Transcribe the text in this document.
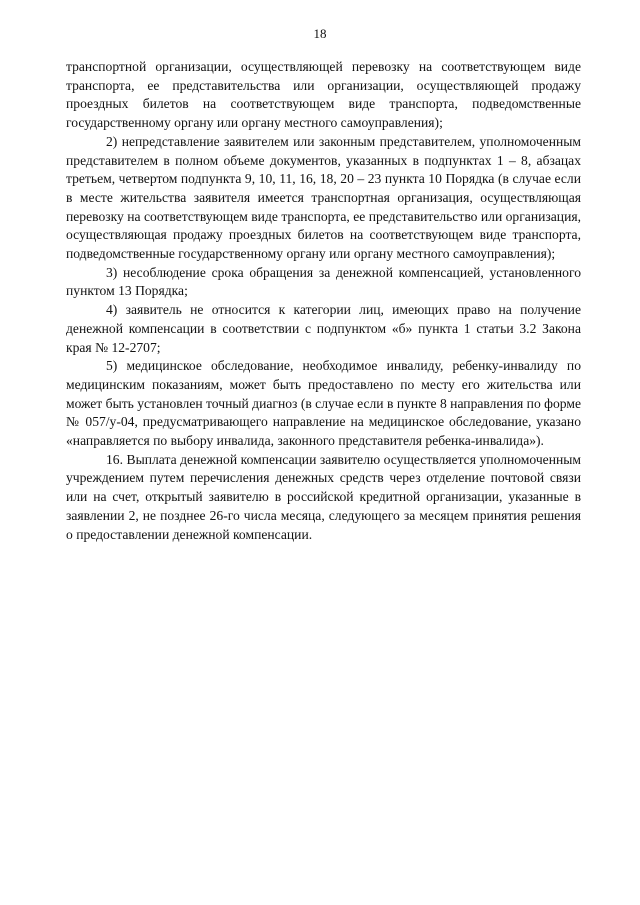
18

транспортной организации, осуществляющей перевозку на соответствующем виде транспорта, ее представительства или организации, осуществляющей продажу проездных билетов на соответствующем виде транспорта, подведомственные государственному органу или органу местного самоуправления);

2) непредставление заявителем или законным представителем, уполномоченным представителем в полном объеме документов, указанных в подпунктах 1 – 8, абзацах третьем, четвертом подпункта 9, 10, 11, 16, 18, 20 – 23 пункта 10 Порядка (в случае если в месте жительства заявителя имеется транспортная организация, осуществляющая перевозку на соответствующем виде транспорта, ее представительство или организация, осуществляющая продажу проездных билетов на соответствующем виде транспорта, подведомственные государственному органу или органу местного самоуправления);

3) несоблюдение срока обращения за денежной компенсацией, установленного пунктом 13 Порядка;

4) заявитель не относится к категории лиц, имеющих право на получение денежной компенсации в соответствии с подпунктом «б» пункта 1 статьи 3.2 Закона края № 12-2707;

5) медицинское обследование, необходимое инвалиду, ребенку-инвалиду по медицинским показаниям, может быть предоставлено по месту его жительства или может быть установлен точный диагноз (в случае если в пункте 8 направления по форме № 057/у-04, предусматривающего направление на медицинское обследование, указано «направляется по выбору инвалида, законного представителя ребенка-инвалида»).

16. Выплата денежной компенсации заявителю осуществляется уполномоченным учреждением путем перечисления денежных средств через отделение почтовой связи или на счет, открытый заявителю в российской кредитной организации, указанные в заявлении 2, не позднее 26-го числа месяца, следующего за месяцем принятия решения о предоставлении денежной компенсации.
